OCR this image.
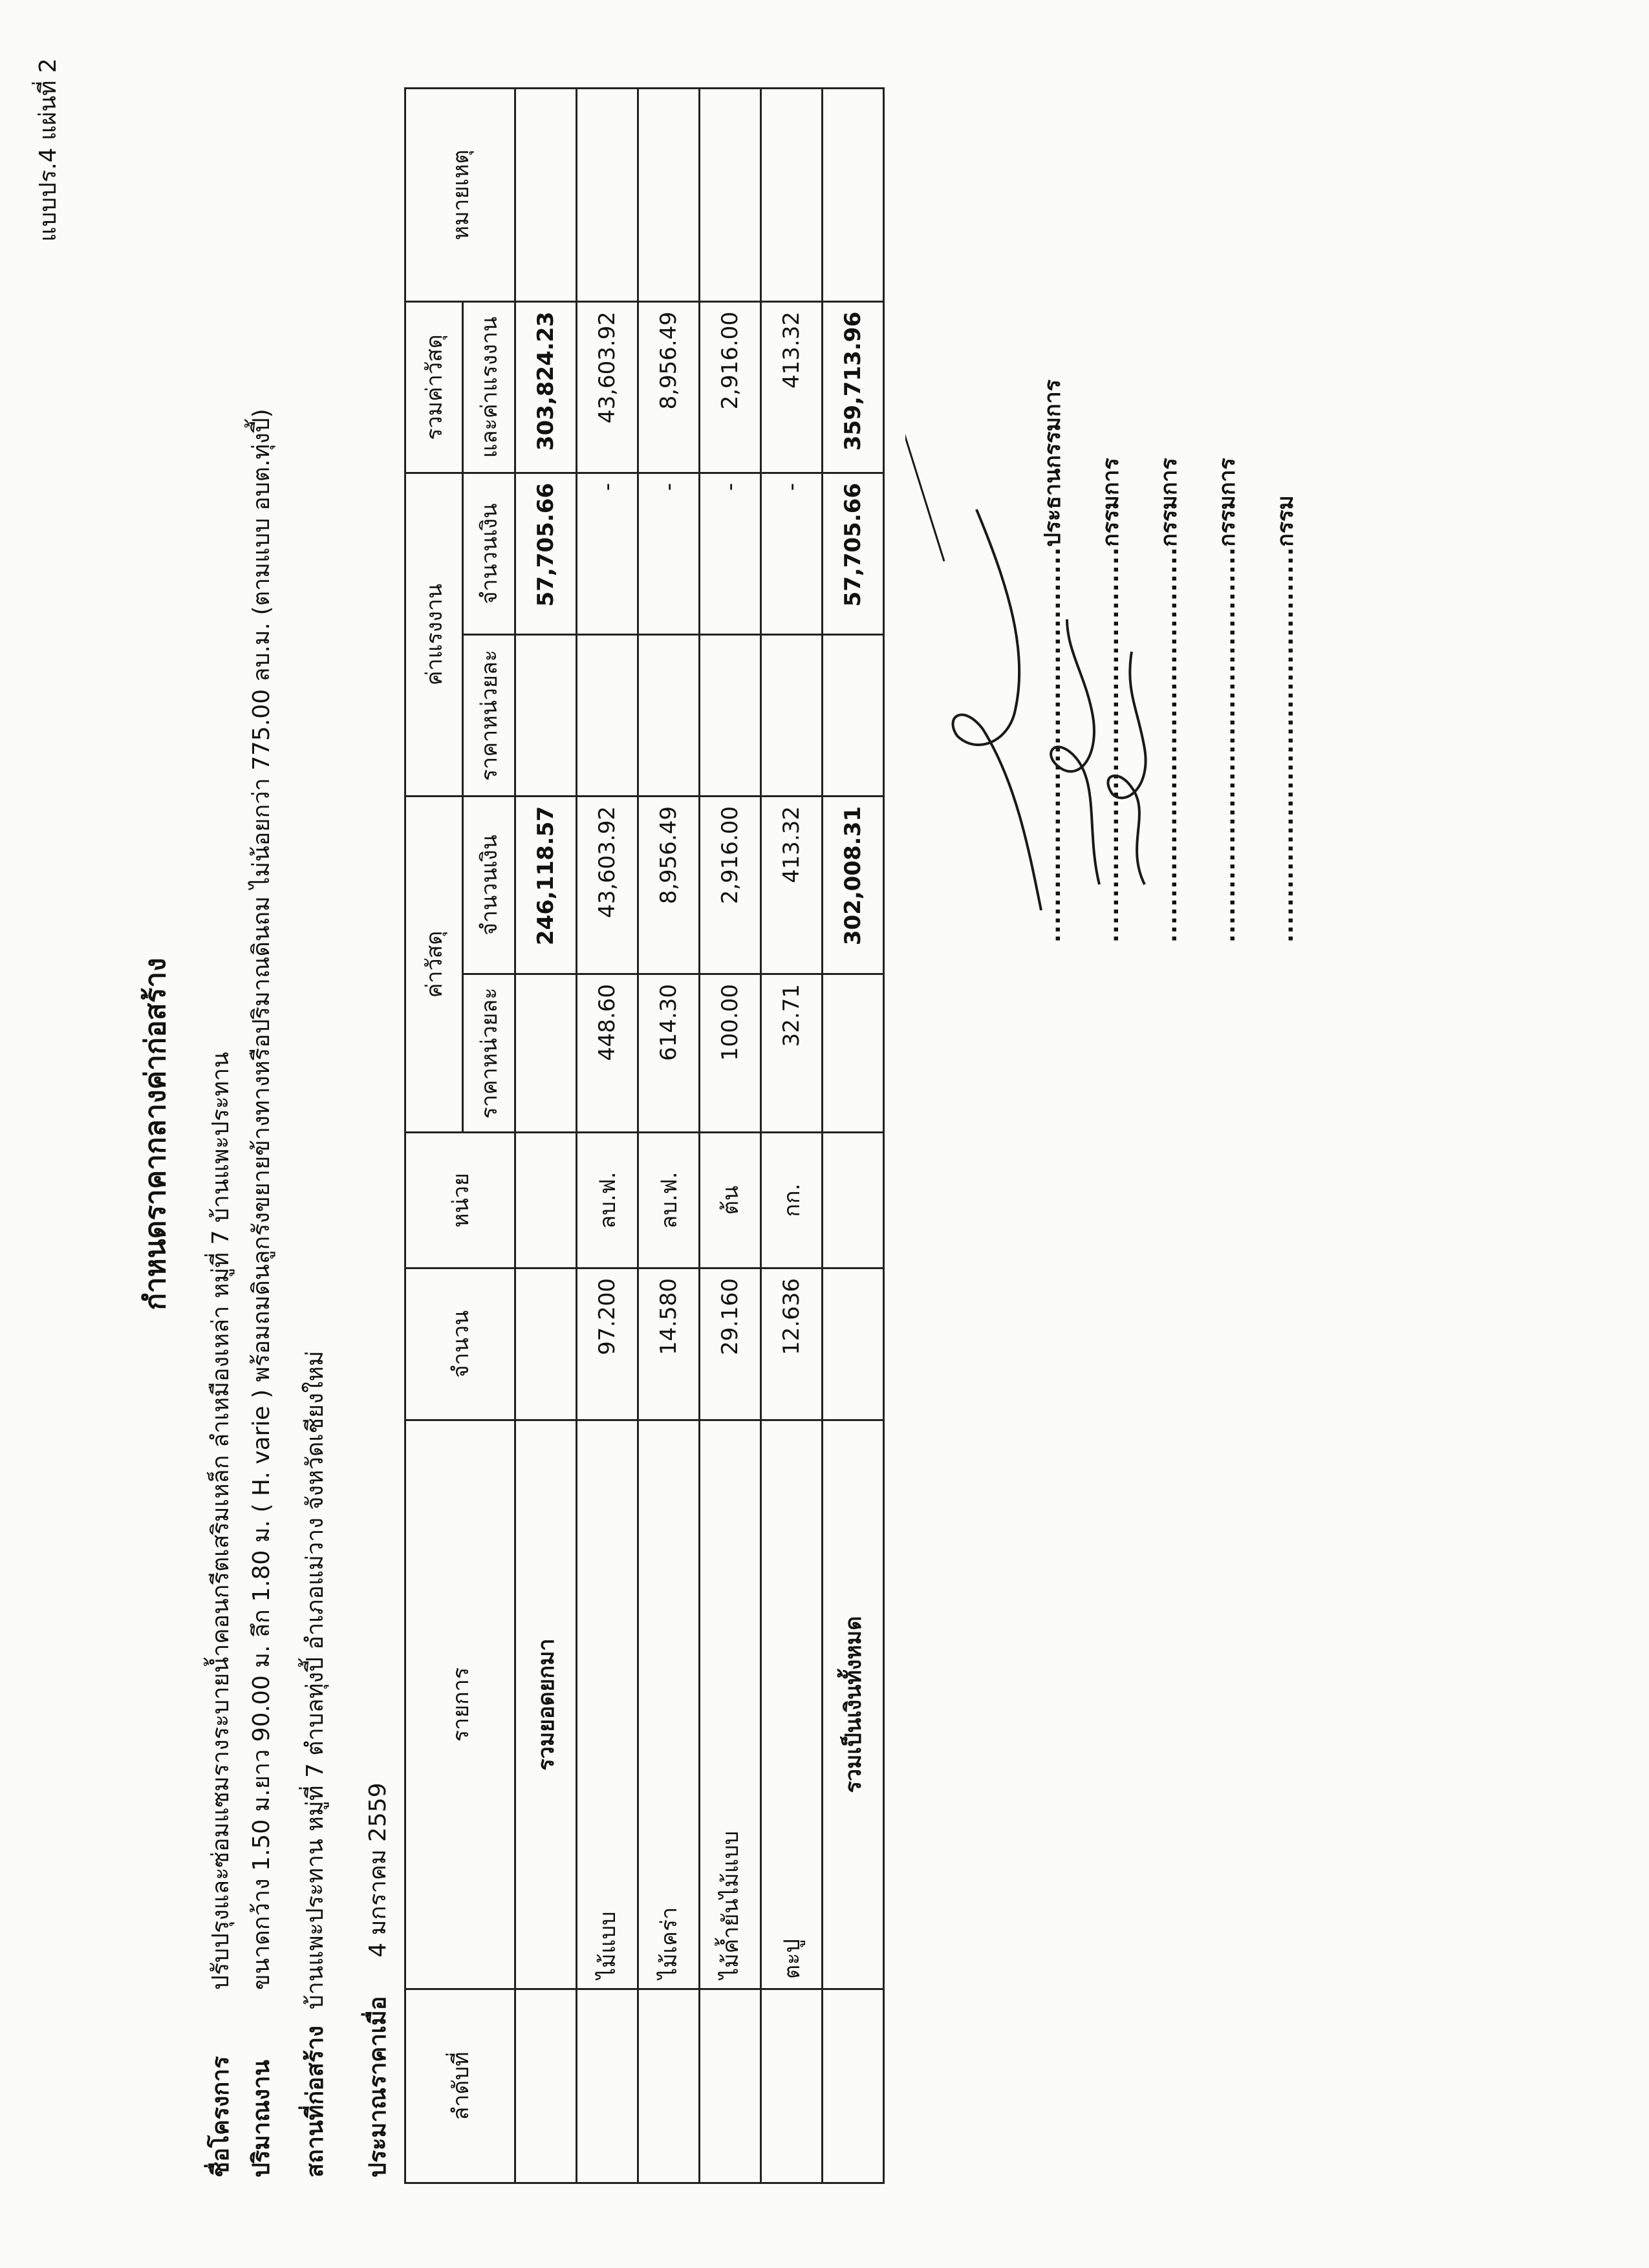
แบบปร.4 แผ่นที่ 2
กำหนดราคากลางค่าก่อสร้าง
ชื่อโครงการปรับปรุงและซ่อมแซมรางระบายน้ำคอนกรีตเสริมเหล็ก ลำเหมืองเหล่า หมู่ที่ 7 บ้านแพะประทาน
ปริมาณงานขนาดกว้าง 1.50 ม.ยาว 90.00 ม. ลึก 1.80 ม. ( H. varie ) พร้อมถมดินลูกรังขยายข้างทางหรือปริมาณดินถม ไม่น้อยกว่า 775.00 ลบ.ม. (ตามแบบ อบต.ทุ่งปี้)
สถานที่ก่อสร้างบ้านแพะประทาน หมู่ที่ 7 ตำบลทุ่งปี้ อำเภอแม่วาง จังหวัดเชียงใหม่
ประมาณราคาเมื่อ4 มกราคม 2559
ลำดับที่	รายการ	จำนวน	หน่วย	ค่าวัสดุ		ค่าแรงงาน		รวมค่าวัสดุ	หมายเหตุ
				ราคาหน่วยละ	จำนวนเงิน	ราคาหน่วยละ	จำนวนเงิน	และค่าแรงงาน	
	รวมยอดยกมา				246,118.57		57,705.66	303,824.23	
	ไม้แบบ	97.200	ลบ.ฟ.	448.60	43,603.92		-	43,603.92	
	ไม้เคร่า	14.580	ลบ.ฟ.	614.30	8,956.49		-	8,956.49	
	ไม้ค้ำยันไม้แบบ	29.160	ต้น	100.00	2,916.00		-	2,916.00	
	ตะปู	12.636	กก.	32.71	413.32		-	413.32	
	รวมเป็นเงินทั้งหมด				302,008.31		57,705.66	359,713.96	
............................................ประธานกรรมการ
............................................กรรมการ
............................................กรรมการ
............................................กรรมการ
............................................กรรม
